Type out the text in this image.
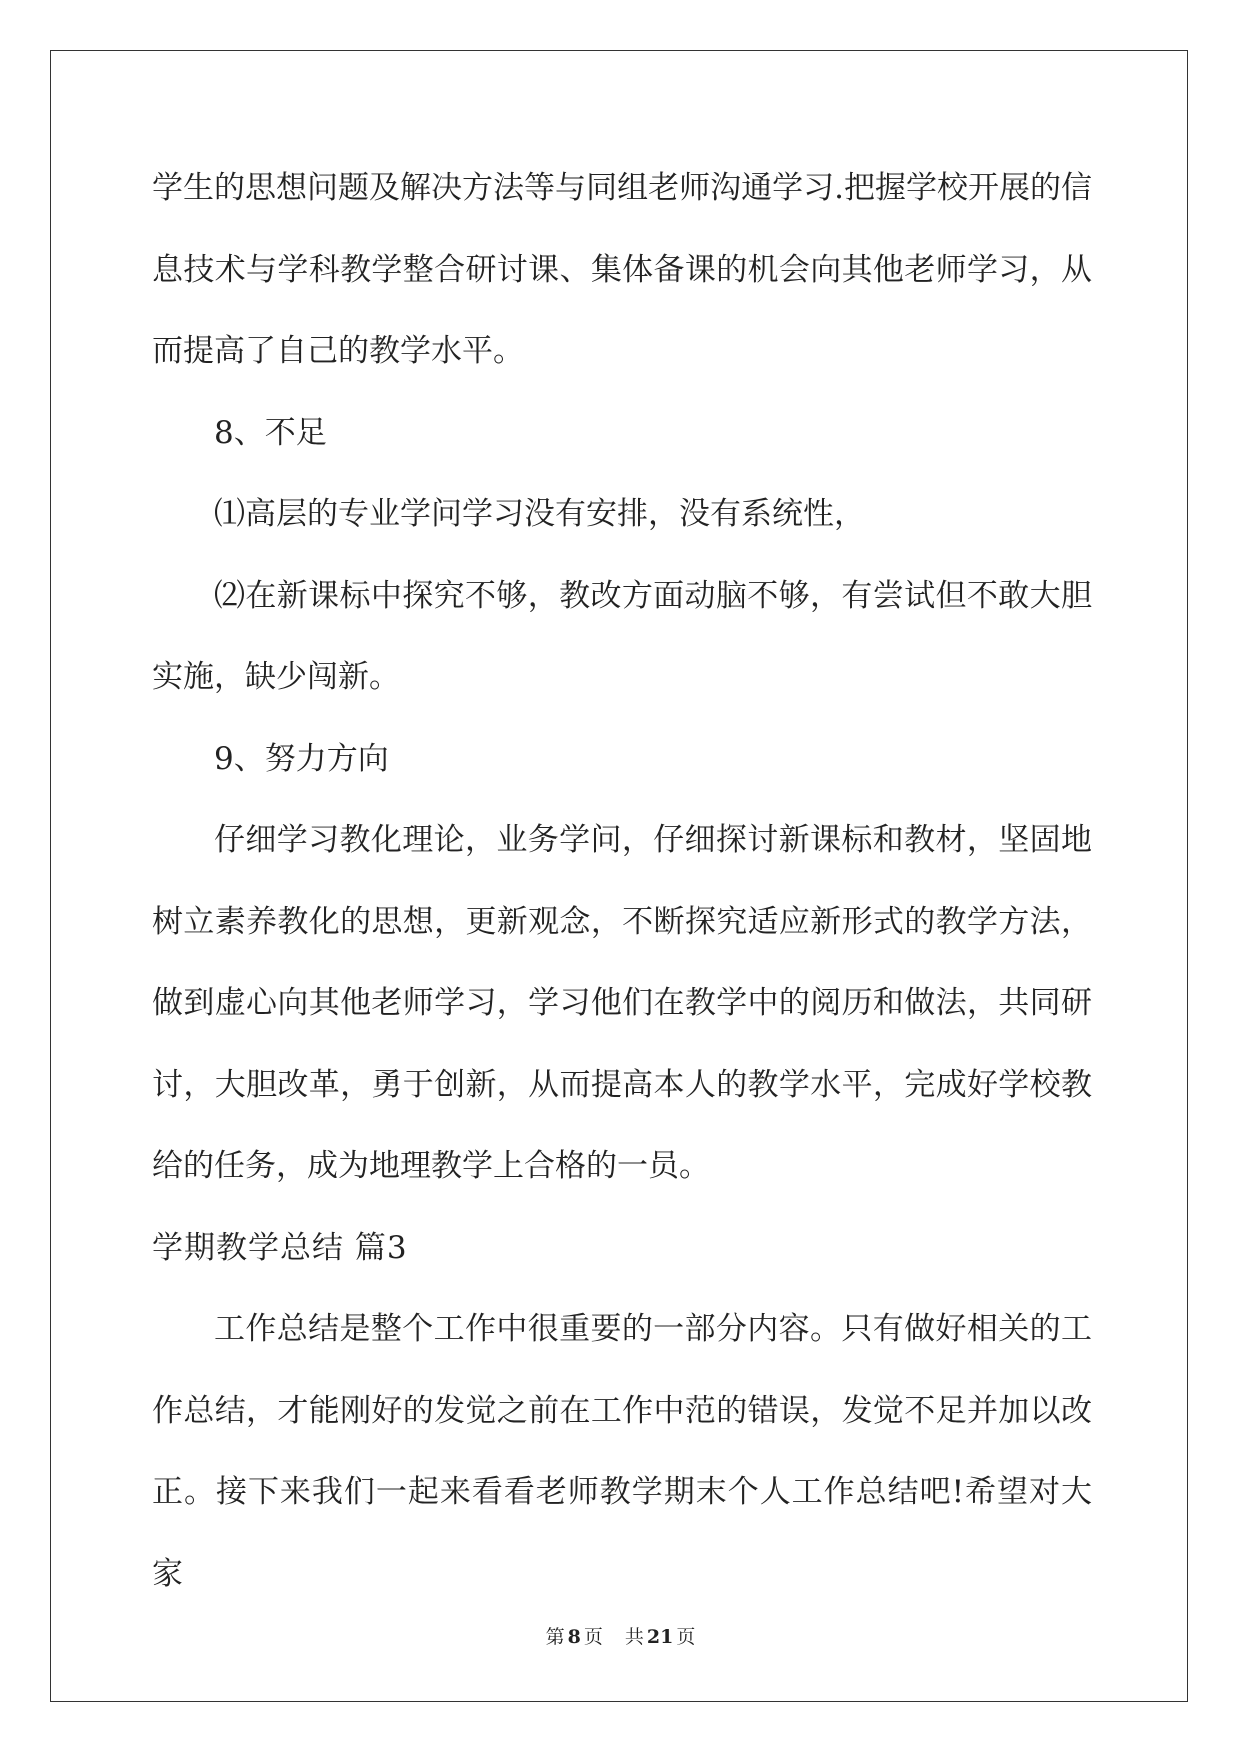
学生的思想问题及解决方法等与同组老师沟通学习.把握学校开展的信息技术与学科教学整合研讨课、集体备课的机会向其他老师学习，从而提高了自己的教学水平。

8、不足

⑴高层的专业学问学习没有安排，没有系统性，

⑵在新课标中探究不够，教改方面动脑不够，有尝试但不敢大胆实施，缺少闯新。

9、努力方向

仔细学习教化理论，业务学问，仔细探讨新课标和教材，坚固地树立素养教化的思想，更新观念，不断探究适应新形式的教学方法，做到虚心向其他老师学习，学习他们在教学中的阅历和做法，共同研讨，大胆改革，勇于创新，从而提高本人的教学水平，完成好学校教给的任务，成为地理教学上合格的一员。

学期教学总结 篇3

工作总结是整个工作中很重要的一部分内容。只有做好相关的工作总结，才能刚好的发觉之前在工作中范的错误，发觉不足并加以改正。接下来我们一起来看看老师教学期末个人工作总结吧!希望对大家

第 8 页 共 21 页
